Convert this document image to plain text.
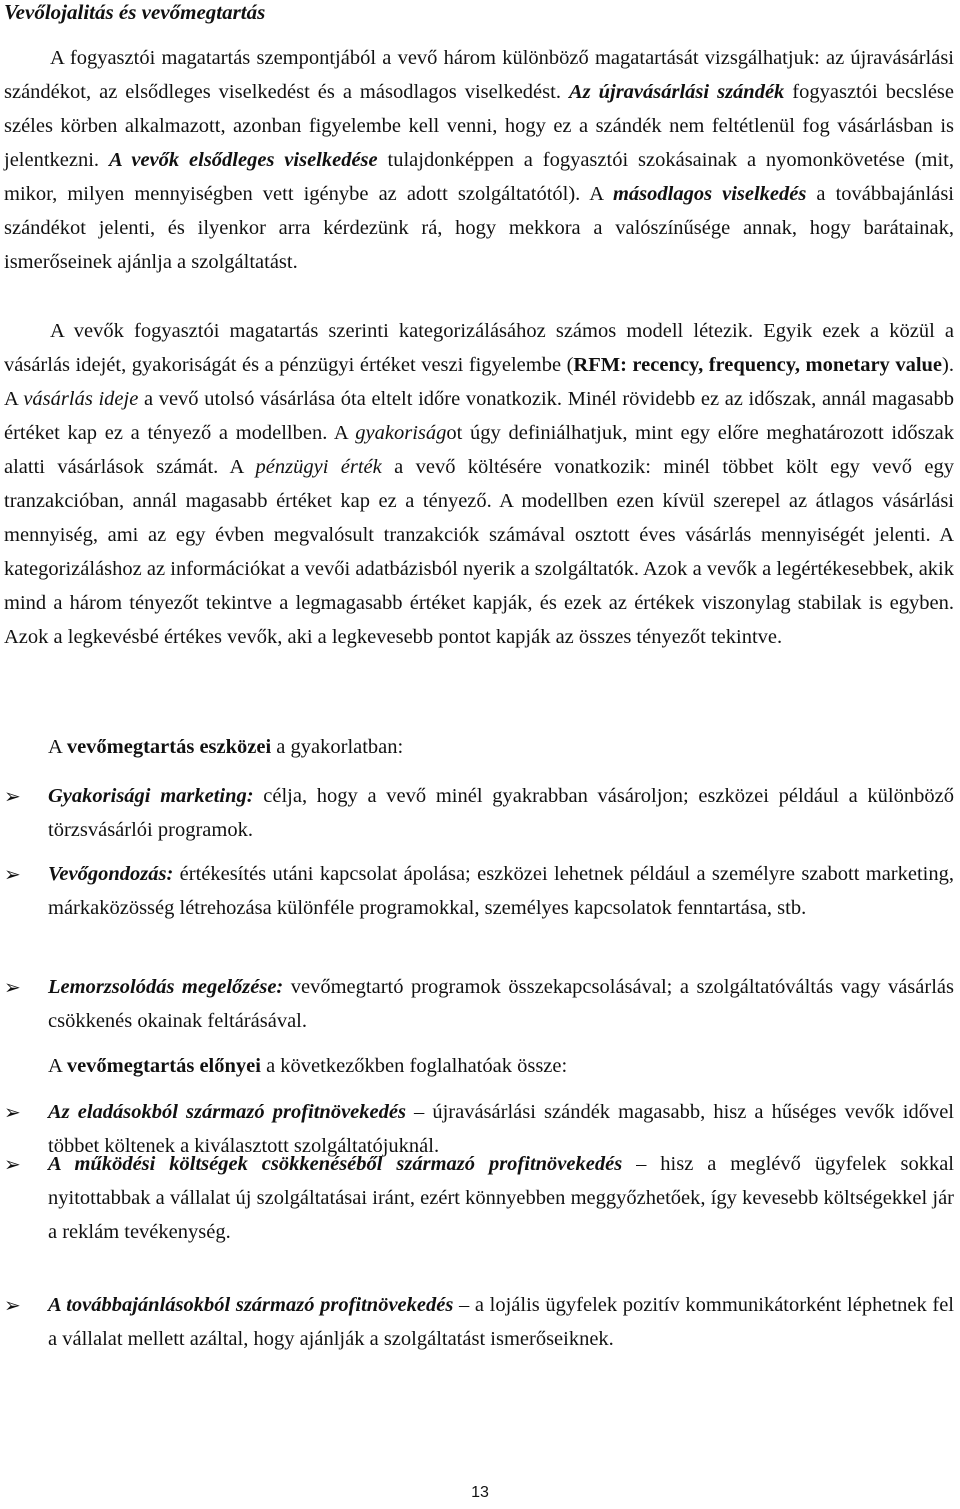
Vevőlojalitás és vevőmegtartás

A fogyasztói magatartás szempontjából a vevő három különböző magatartását vizsgálhatjuk: az újravásárlási szándékot, az elsődleges viselkedést és a másodlagos viselkedést. Az újravásárlási szándék fogyasztói becslése széles körben alkalmazott, azonban figyelembe kell venni, hogy ez a szándék nem feltétlenül fog vásárlásban is jelentkezni. A vevők elsődleges viselkedése tulajdonképpen a fogyasztói szokásainak a nyomonkövetése (mit, mikor, milyen mennyiségben vett igénybe az adott szolgáltatótól). A másodlagos viselkedés a továbbajánlási szándékot jelenti, és ilyenkor arra kérdezünk rá, hogy mekkora a valószínűsége annak, hogy barátainak, ismerőseinek ajánlja a szolgáltatást.

A vevők fogyasztói magatartás szerinti kategorizálásához számos modell létezik. Egyik ezek a közül a vásárlás idejét, gyakoriságát és a pénzügyi értéket veszi figyelembe (RFM: recency, frequency, monetary value). A vásárlás ideje a vevő utolsó vásárlása óta eltelt időre vonatkozik. Minél rövidebb ez az időszak, annál magasabb értéket kap ez a tényező a modellben. A gyakoriságot úgy definiálhatjuk, mint egy előre meghatározott időszak alatti vásárlások számát. A pénzügyi érték a vevő költésére vonatkozik: minél többet költ egy vevő egy tranzakcióban, annál magasabb értéket kap ez a tényező. A modellben ezen kívül szerepel az átlagos vásárlási mennyiség, ami az egy évben megvalósult tranzakciók számával osztott éves vásárlás mennyiségét jelenti. A kategorizáláshoz az információkat a vevői adatbázisból nyerik a szolgáltatók. Azok a vevők a legértékesebbek, akik mind a három tényezőt tekintve a legmagasabb értéket kapják, és ezek az értékek viszonylag stabilak is egyben. Azok a legkevésbé értékes vevők, aki a legkevesebb pontot kapják az összes tényezőt tekintve.

A vevőmegtartás eszközei a gyakorlatban:

➢	Gyakorisági marketing: célja, hogy a vevő minél gyakrabban vásároljon; eszközei például a különböző törzsvásárlói programok.
➢	Vevőgondozás: értékesítés utáni kapcsolat ápolása; eszközei lehetnek például a személyre szabott marketing, márkaközösség létrehozása különféle programokkal, személyes kapcsolatok fenntartása, stb.
➢	Lemorzsolódás megelőzése: vevőmegtartó programok összekapcsolásával; a szolgáltatóváltás vagy vásárlás csökkenés okainak feltárásával.

A vevőmegtartás előnyei a következőkben foglalhatóak össze:

➢	Az eladásokból származó profitnövekedés – újravásárlási szándék magasabb, hisz a hűséges vevők idővel többet költenek a kiválasztott szolgáltatójuknál.
➢	A működési költségek csökkenéséből származó profitnövekedés – hisz a meglévő ügyfelek sokkal nyitottabbak a vállalat új szolgáltatásai iránt, ezért könnyebben meggyőzhetőek, így kevesebb költségekkel jár a reklám tevékenység.
➢	A továbbajánlásokból származó profitnövekedés – a lojális ügyfelek pozitív kommunikátorként léphetnek fel a vállalat mellett azáltal, hogy ajánlják a szolgáltatást ismerőseiknek.
13
